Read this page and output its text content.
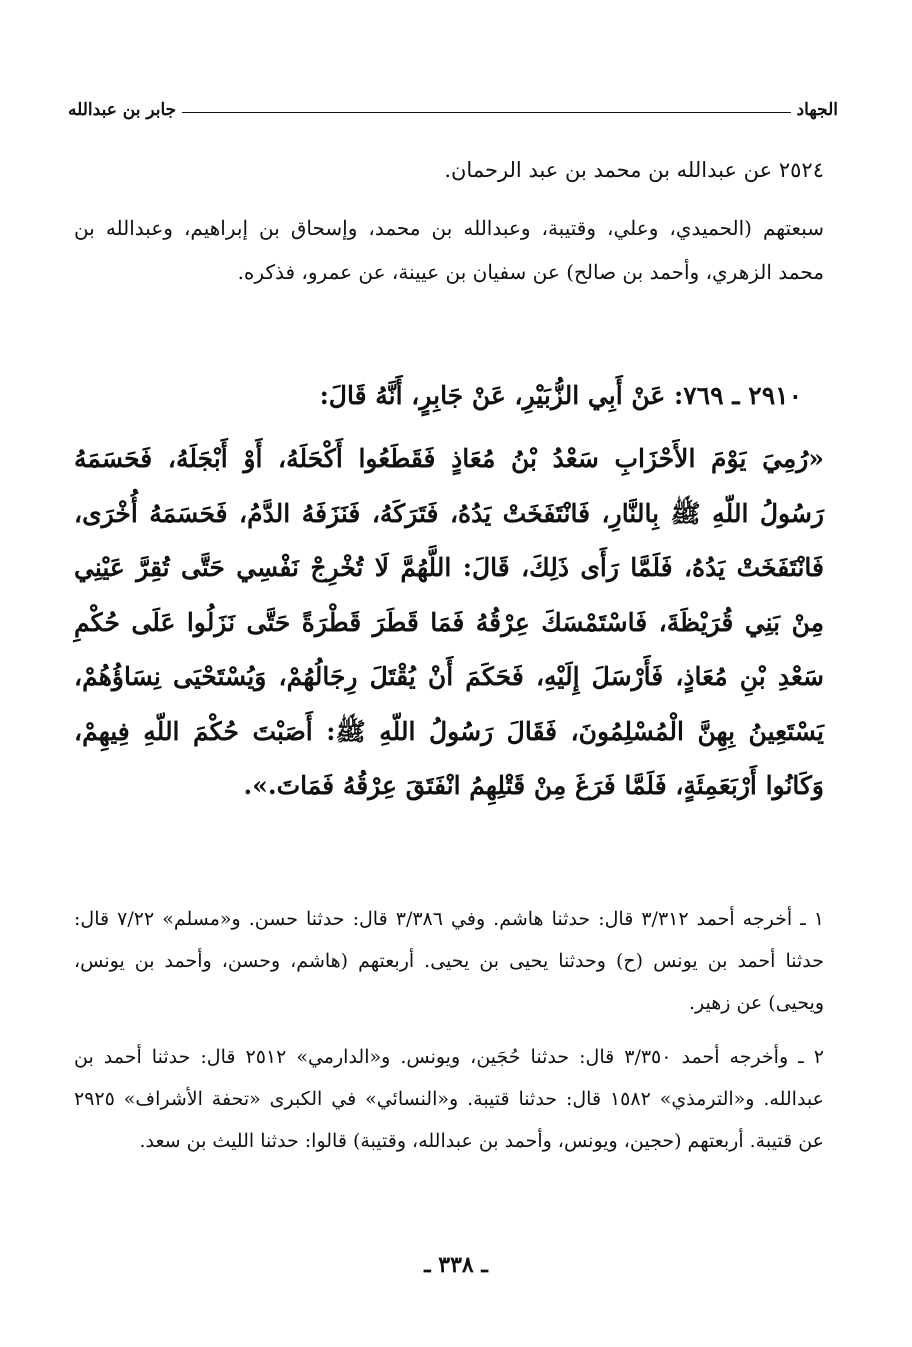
الجهاد
جابر بن عبدالله
٢٥٢٤ عن عبدالله بن محمد بن عبد الرحمان.
سبعتهم (الحميدي، وعلي، وقتيبة، وعبدالله بن محمد، وإسحاق بن إبراهيم، وعبدالله بن محمد الزهري، وأحمد بن صالح) عن سفيان بن عيينة، عن عمرو، فذكره.
٢٩١٠ ـ ٧٦٩: عَنْ أَبِي الزُّبَيْرِ، عَنْ جَابِرٍ، أَنَّهُ قَالَ:
«رُمِيَ يَوْمَ الأَحْزَابِ سَعْدُ بْنُ مُعَاذٍ فَقَطَعُوا أَكْحَلَهُ، أَوْ أَبْجَلَهُ، فَحَسَمَهُ رَسُولُ اللّهِ ﷺ بِالنَّارِ، فَانْتَفَخَتْ يَدُهُ، فَتَرَكَهُ، فَنَزَفَهُ الدَّمُ، فَحَسَمَهُ أُخْرَى، فَانْتَفَخَتْ يَدُهُ، فَلَمَّا رَأَى ذَلِكَ، قَالَ: اللَّهُمَّ لَا تُخْرِجْ نَفْسِي حَتَّى تُقِرَّ عَيْنِي مِنْ بَنِي قُرَيْظَةَ، فَاسْتَمْسَكَ عِرْقُهُ فَمَا قَطَرَ قَطْرَةً حَتَّى نَزَلُوا عَلَى حُكْمِ سَعْدِ بْنِ مُعَاذٍ، فَأَرْسَلَ إِلَيْهِ، فَحَكَمَ أَنْ يُقْتَلَ رِجَالُهُمْ، وَيُسْتَحْيَى نِسَاؤُهُمْ، يَسْتَعِينُ بِهِنَّ الْمُسْلِمُونَ، فَقَالَ رَسُولُ اللّهِ ﷺ: أَصَبْتَ حُكْمَ اللّهِ فِيهِمْ، وَكَانُوا أَرْبَعَمِئَةٍ، فَلَمَّا فَرَغَ مِنْ قَتْلِهِمُ انْفَتَقَ عِرْقُهُ فَمَاتَ.».
١ ـ أخرجه أحمد ٣/٣١٢ قال: حدثنا هاشم. وفي ٣/٣٨٦ قال: حدثنا حسن. و«مسلم» ٧/٢٢ قال: حدثنا أحمد بن يونس (ح) وحدثنا يحيى بن يحيى. أربعتهم (هاشم، وحسن، وأحمد بن يونس، ويحيى) عن زهير.
٢ ـ وأخرجه أحمد ٣/٣٥٠ قال: حدثنا حُجَين، ويونس. و«الدارمي» ٢٥١٢ قال: حدثنا أحمد بن عبدالله. و«الترمذي» ١٥٨٢ قال: حدثنا قتيبة. و«النسائي» في الكبرى «تحفة الأشراف» ٢٩٢٥ عن قتيبة. أربعتهم (حجين، ويونس، وأحمد بن عبدالله، وقتيبة) قالوا: حدثنا الليث بن سعد.
ـ ٣٣٨ ـ
